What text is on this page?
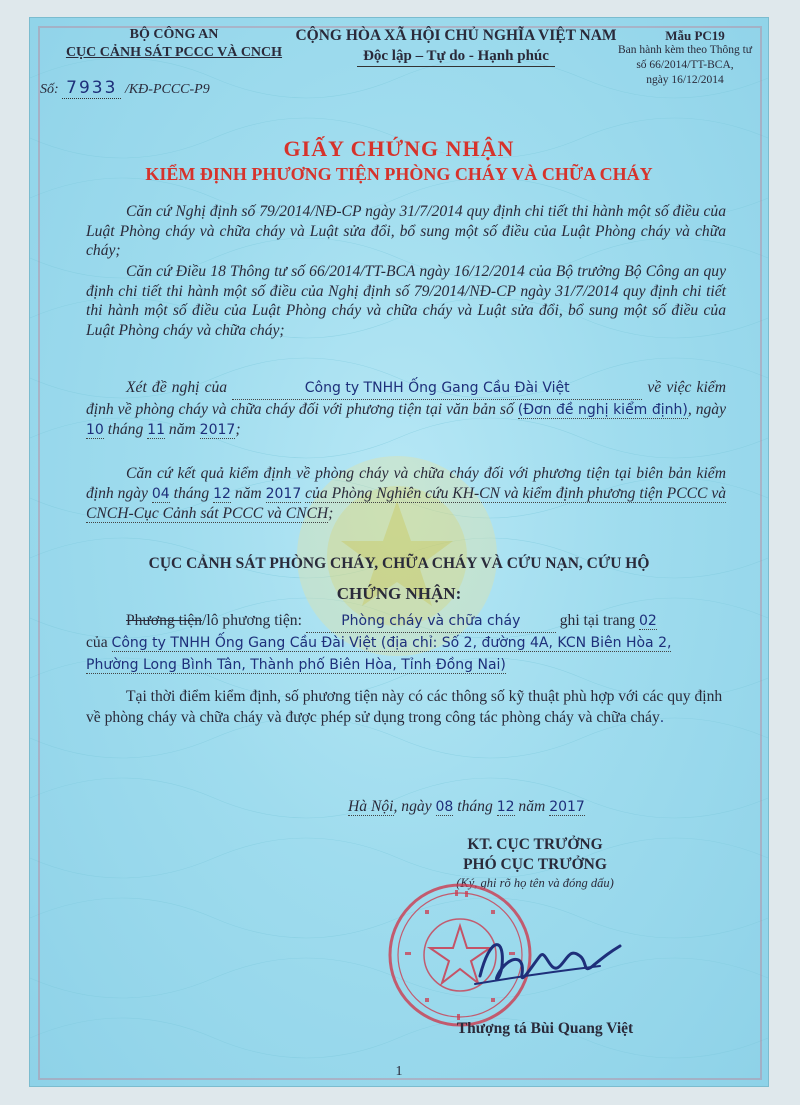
BỘ CÔNG AN
CỤC CẢNH SÁT PCCC VÀ CNCH
Số: 7933 /KĐ-PCCC-P9
CỘNG HÒA XÃ HỘI CHỦ NGHĨA VIỆT NAM
Độc lập – Tự do - Hạnh phúc
Mẫu PC19
Ban hành kèm theo Thông tư
số 66/2014/TT-BCA,
ngày 16/12/2014
GIẤY CHỨNG NHẬN
KIỂM ĐỊNH PHƯƠNG TIỆN PHÒNG CHÁY VÀ CHỮA CHÁY
Căn cứ Nghị định số 79/2014/NĐ-CP ngày 31/7/2014 quy định chi tiết thi hành một số điều của Luật Phòng cháy và chữa cháy và Luật sửa đổi, bổ sung một số điều của Luật Phòng cháy và chữa cháy;
Căn cứ Điều 18 Thông tư số 66/2014/TT-BCA ngày 16/12/2014 của Bộ trưởng Bộ Công an quy định chi tiết thi hành một số điều của Nghị định số 79/2014/NĐ-CP ngày 31/7/2014 quy định chi tiết thi hành một số điều của Luật Phòng cháy và chữa cháy và Luật sửa đổi, bổ sung một số điều của Luật Phòng cháy và chữa cháy;
Xét đề nghị của	Công ty TNHH Ống Gang Cầu Đài Việt	về việc kiểm định về phòng cháy và chữa cháy đối với phương tiện tại văn bản số (Đơn đề nghị kiểm định), ngày 10 tháng 11 năm 2017;
Căn cứ kết quả kiểm định về phòng cháy và chữa cháy đối với phương tiện tại biên bản kiểm định ngày 04 tháng 12 năm 2017 của Phòng Nghiên cứu KH-CN và kiểm định phương tiện PCCC và CNCH-Cục Cảnh sát PCCC và CNCH;
CỤC CẢNH SÁT PHÒNG CHÁY, CHỮA CHÁY VÀ CỨU NẠN, CỨU HỘ
CHỨNG NHẬN:
Phương tiện/lô phương tiện:	Phòng cháy và chữa cháy	ghi tại trang 02
của Công ty TNHH Ống Gang Cầu Đài Việt (địa chỉ: Số 2, đường 4A, KCN Biên Hòa 2, Phường Long Bình Tân, Thành phố Biên Hòa, Tỉnh Đồng Nai)
Tại thời điểm kiểm định, số phương tiện này có các thông số kỹ thuật phù hợp với các quy định về phòng cháy và chữa cháy và được phép sử dụng trong công tác phòng cháy và chữa cháy.
Hà Nội, ngày 08 tháng 12 năm 2017
KT. CỤC TRƯỞNG
PHÓ CỤC TRƯỞNG
(Ký, ghi rõ họ tên và đóng dấu)
Thượng tá Bùi Quang Việt
1
